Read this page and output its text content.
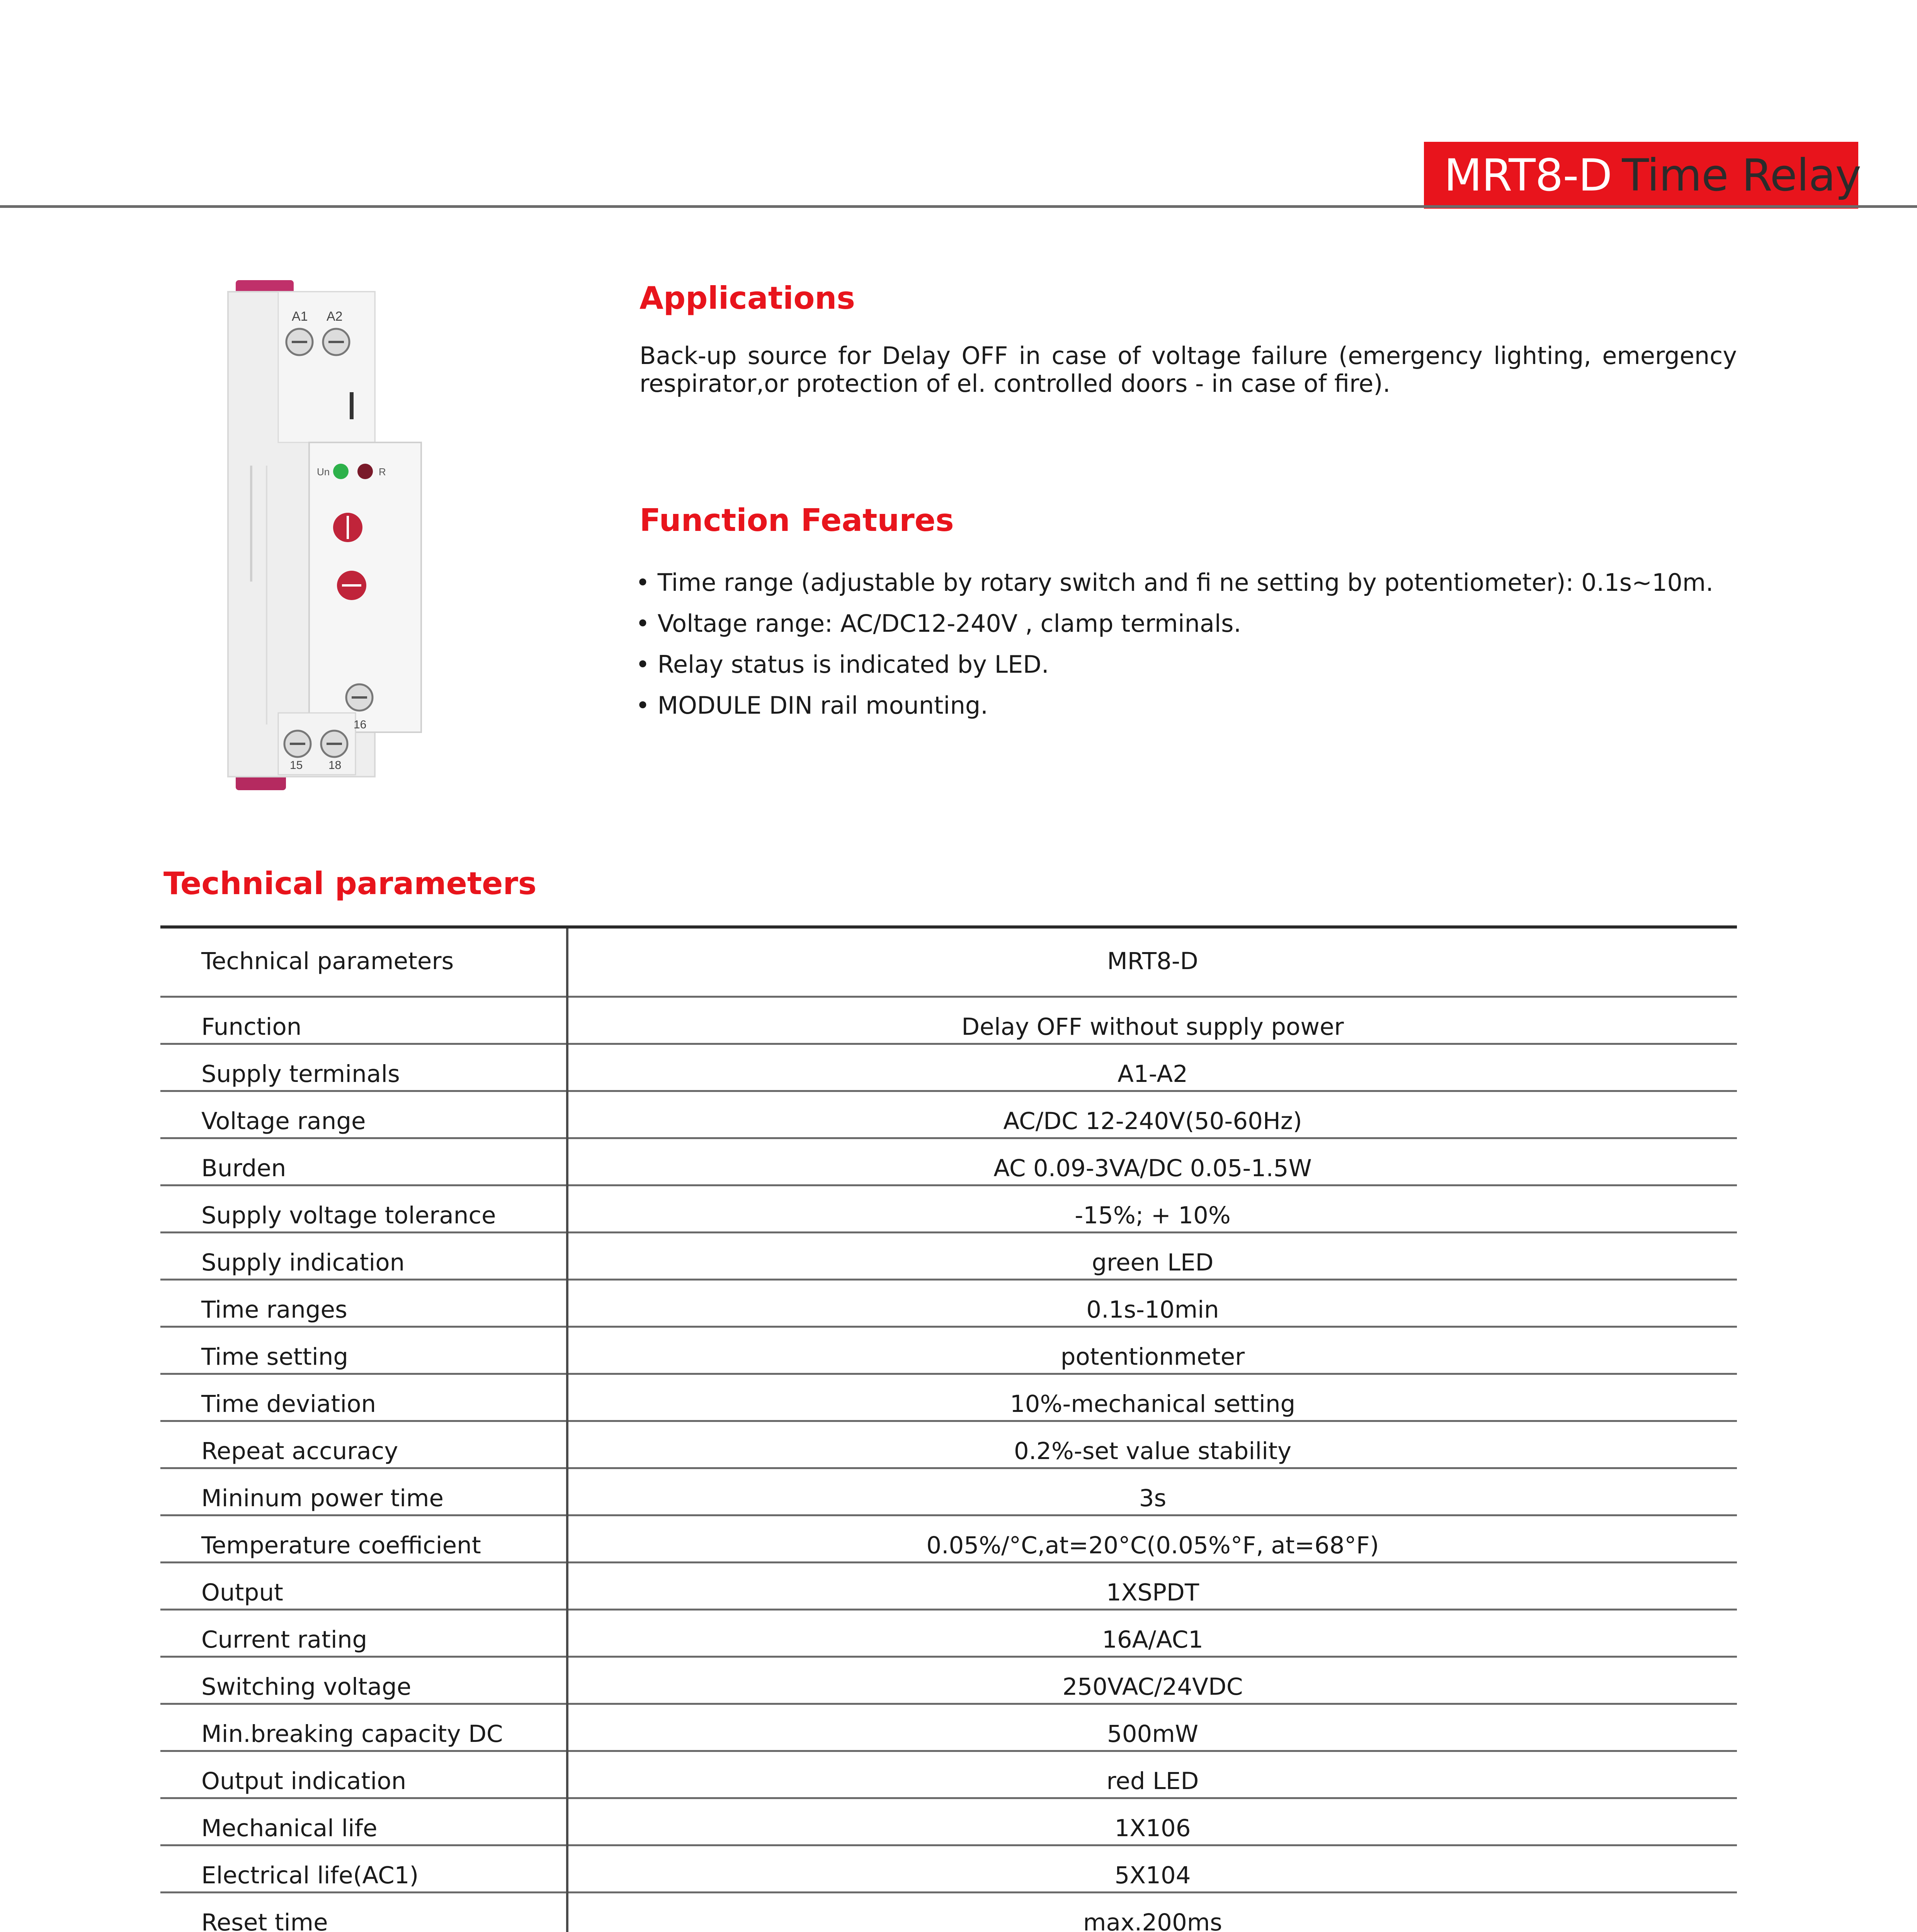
MRT8-D Time Relay
A1 A2
Un	R
16
15 18
Applications

Back-up source for Delay OFF in case of voltage failure (emergency lighting, emergency respirator,or protection of el. controlled doors - in case of fire).

Function Features
• Time range (adjustable by rotary switch and fi ne setting by potentiometer): 0.1s~10m.
• Voltage range: AC/DC12-240V , clamp terminals.
• Relay status is indicated by LED.
• MODULE DIN rail mounting.
Technical parameters
Technical parameters	MRT8-D
Function	Delay OFF without supply power
Supply terminals	A1-A2
Voltage range	AC/DC 12-240V(50-60Hz)
Burden	AC 0.09-3VA/DC 0.05-1.5W
Supply voltage tolerance	-15%; + 10%
Supply indication	green LED
Time ranges	0.1s-10min
Time setting	potentionmeter
Time deviation	10%-mechanical setting
Repeat accuracy	0.2%-set value stability
Mininum power time	3s
Temperature coefficient	0.05%/°C,at=20°C(0.05%°F, at=68°F)
Output	1XSPDT
Current rating	16A/AC1
Switching voltage	250VAC/24VDC
Min.breaking capacity DC	500mW
Output indication	red LED
Mechanical life	1X106
Electrical life(AC1)	5X104
Reset time	max.200ms
